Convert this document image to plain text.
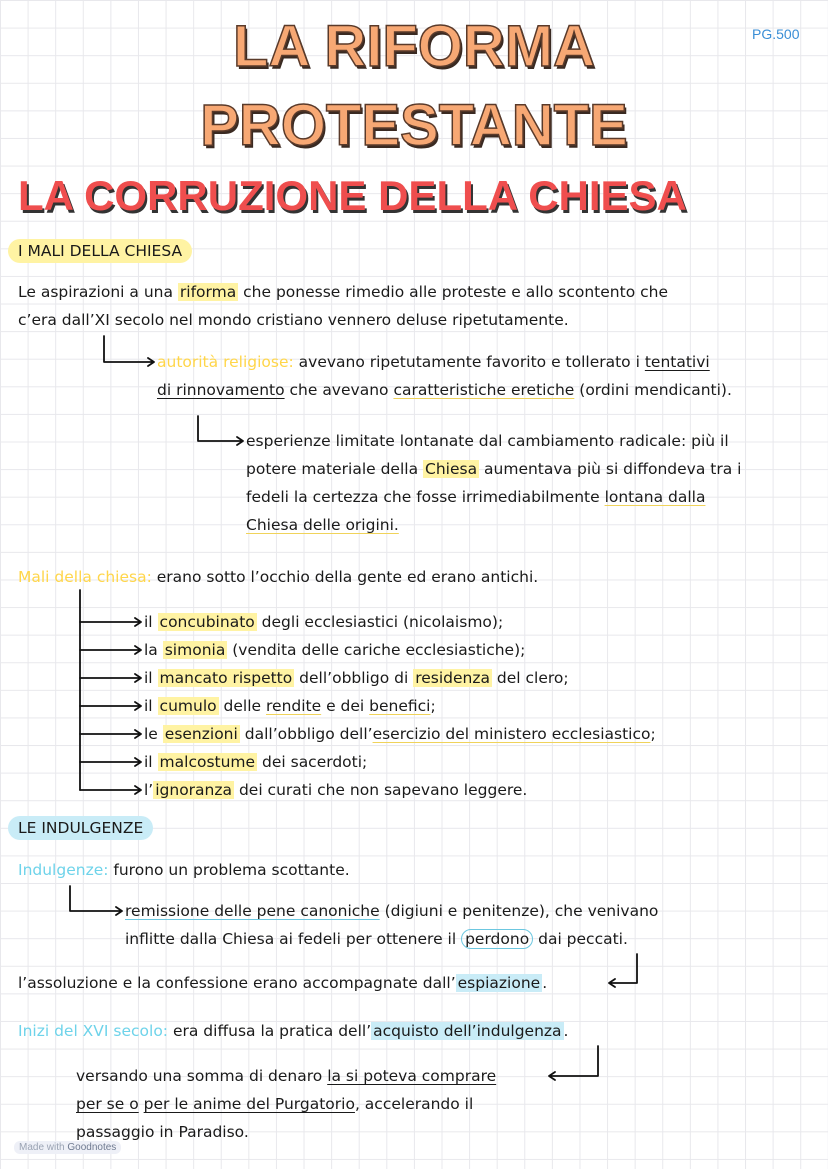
PG.500
LA RIFORMA
PROTESTANTE
LA CORRUZIONE DELLA CHIESA
I MALI DELLA CHIESA
Le aspirazioni a una riforma che ponesse rimedio alle proteste e allo scontento che
c’era dall’XI secolo nel mondo cristiano vennero deluse ripetutamente.
autorità religiose: avevano ripetutamente favorito e tollerato i tentativi
di rinnovamento che avevano caratteristiche eretiche (ordini mendicanti).
esperienze limitate lontanate dal cambiamento radicale: più il
potere materiale della Chiesa aumentava più si diffondeva tra i
fedeli la certezza che fosse irrimediabilmente lontana dalla
Chiesa delle origini.
Mali della chiesa: erano sotto l’occhio della gente ed erano antichi.
il concubinato degli ecclesiastici (nicolaismo);
la simonia (vendita delle cariche ecclesiastiche);
il mancato rispetto dell’obbligo di residenza del clero;
il cumulo delle rendite e dei benefici;
le esenzioni dall’obbligo dell’esercizio del ministero ecclesiastico;
il malcostume dei sacerdoti;
l’ ignoranza dei curati che non sapevano leggere.
LE INDULGENZE
Indulgenze: furono un problema scottante.
remissione delle pene canoniche (digiuni e penitenze), che venivano
inflitte dalla Chiesa ai fedeli per ottenere il perdono dai peccati.
l’assoluzione e la confessione erano accompagnate dall’ espiazione .
Inizi del XVI secolo: era diffusa la pratica dell’ acquisto dell’indulgenza .
versando una somma di denaro la si poteva comprare
per se o per le anime del Purgatorio, accelerando il
passaggio in Paradiso.
Made with Goodnotes
